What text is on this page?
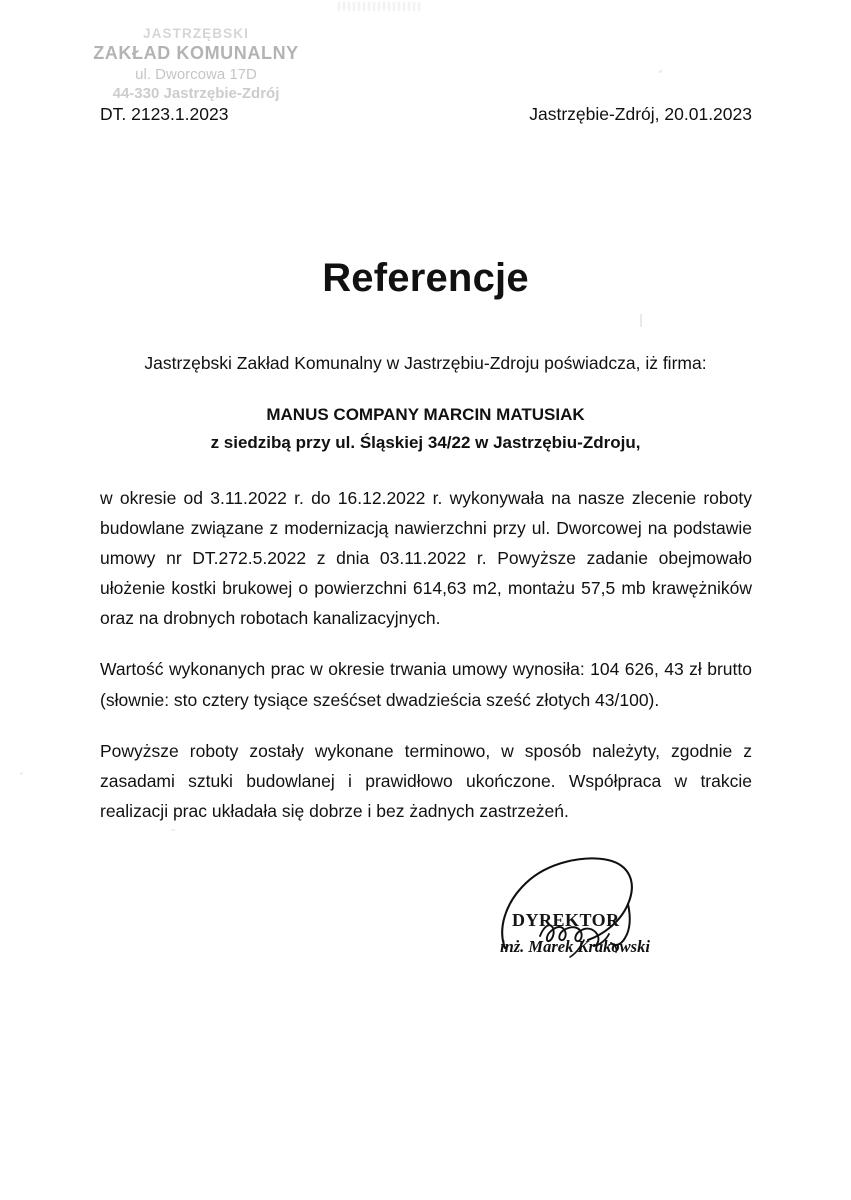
JASTRZĘBSKI
ZAKŁAD KOMUNALNY
ul. Dworcowa 17D
44-330 Jastrzębie-Zdrój
DT. 2123.1.2023	Jastrzębie-Zdrój, 20.01.2023
Referencje
Jastrzębski Zakład Komunalny w Jastrzębiu-Zdroju poświadcza, iż firma:
MANUS COMPANY MARCIN MATUSIAK
z siedzibą przy ul. Śląskiej 34/22 w Jastrzębiu-Zdroju,

w okresie od 3.11.2022 r. do 16.12.2022 r. wykonywała na nasze zlecenie roboty budowlane związane z modernizacją nawierzchni przy ul. Dworcowej na podstawie umowy nr DT.272.5.2022 z dnia 03.11.2022 r. Powyższe zadanie obejmowało ułożenie kostki brukowej o powierzchni 614,63 m2, montażu 57,5 mb krawężników oraz na drobnych robotach kanalizacyjnych.

Wartość wykonanych prac w okresie trwania umowy wynosiła: 104 626, 43 zł brutto (słownie: sto cztery tysiące sześćset dwadzieścia sześć złotych 43/100).

Powyższe roboty zostały wykonane terminowo, w sposób należyty, zgodnie z zasadami sztuki budowlanej i prawidłowo ukończone. Współpraca w trakcie realizacji prac układała się dobrze i bez żadnych zastrzeżeń.

DYREKTOR
inż. Marek Krakowski
